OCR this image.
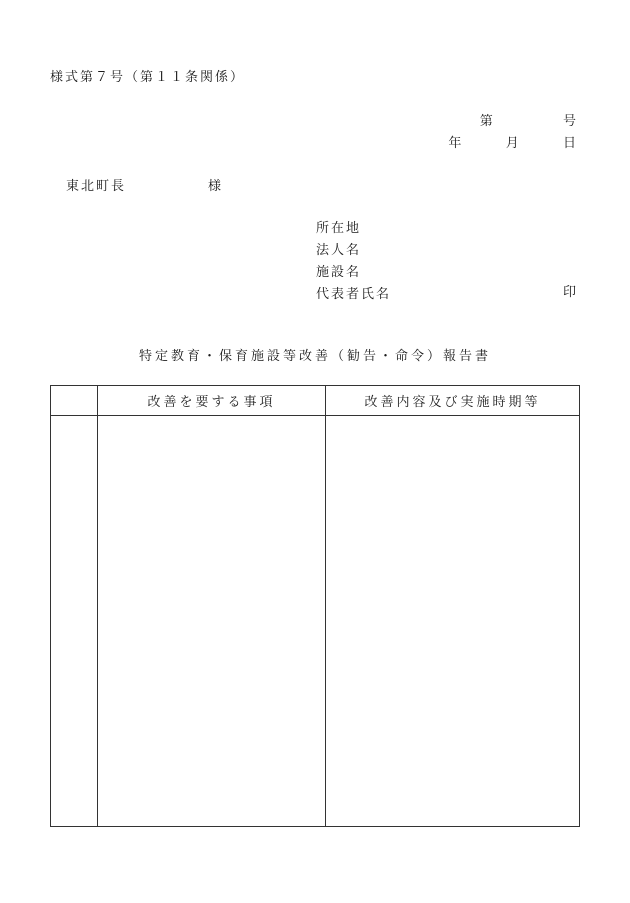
様式第７号（第１１条関係）
第	号
年	月	日
東北町長	様
所在地
法人名
施設名
代表者氏名	印
特定教育・保育施設等改善（勧告・命令）報告書
	改善を要する事項	改善内容及び実施時期等
